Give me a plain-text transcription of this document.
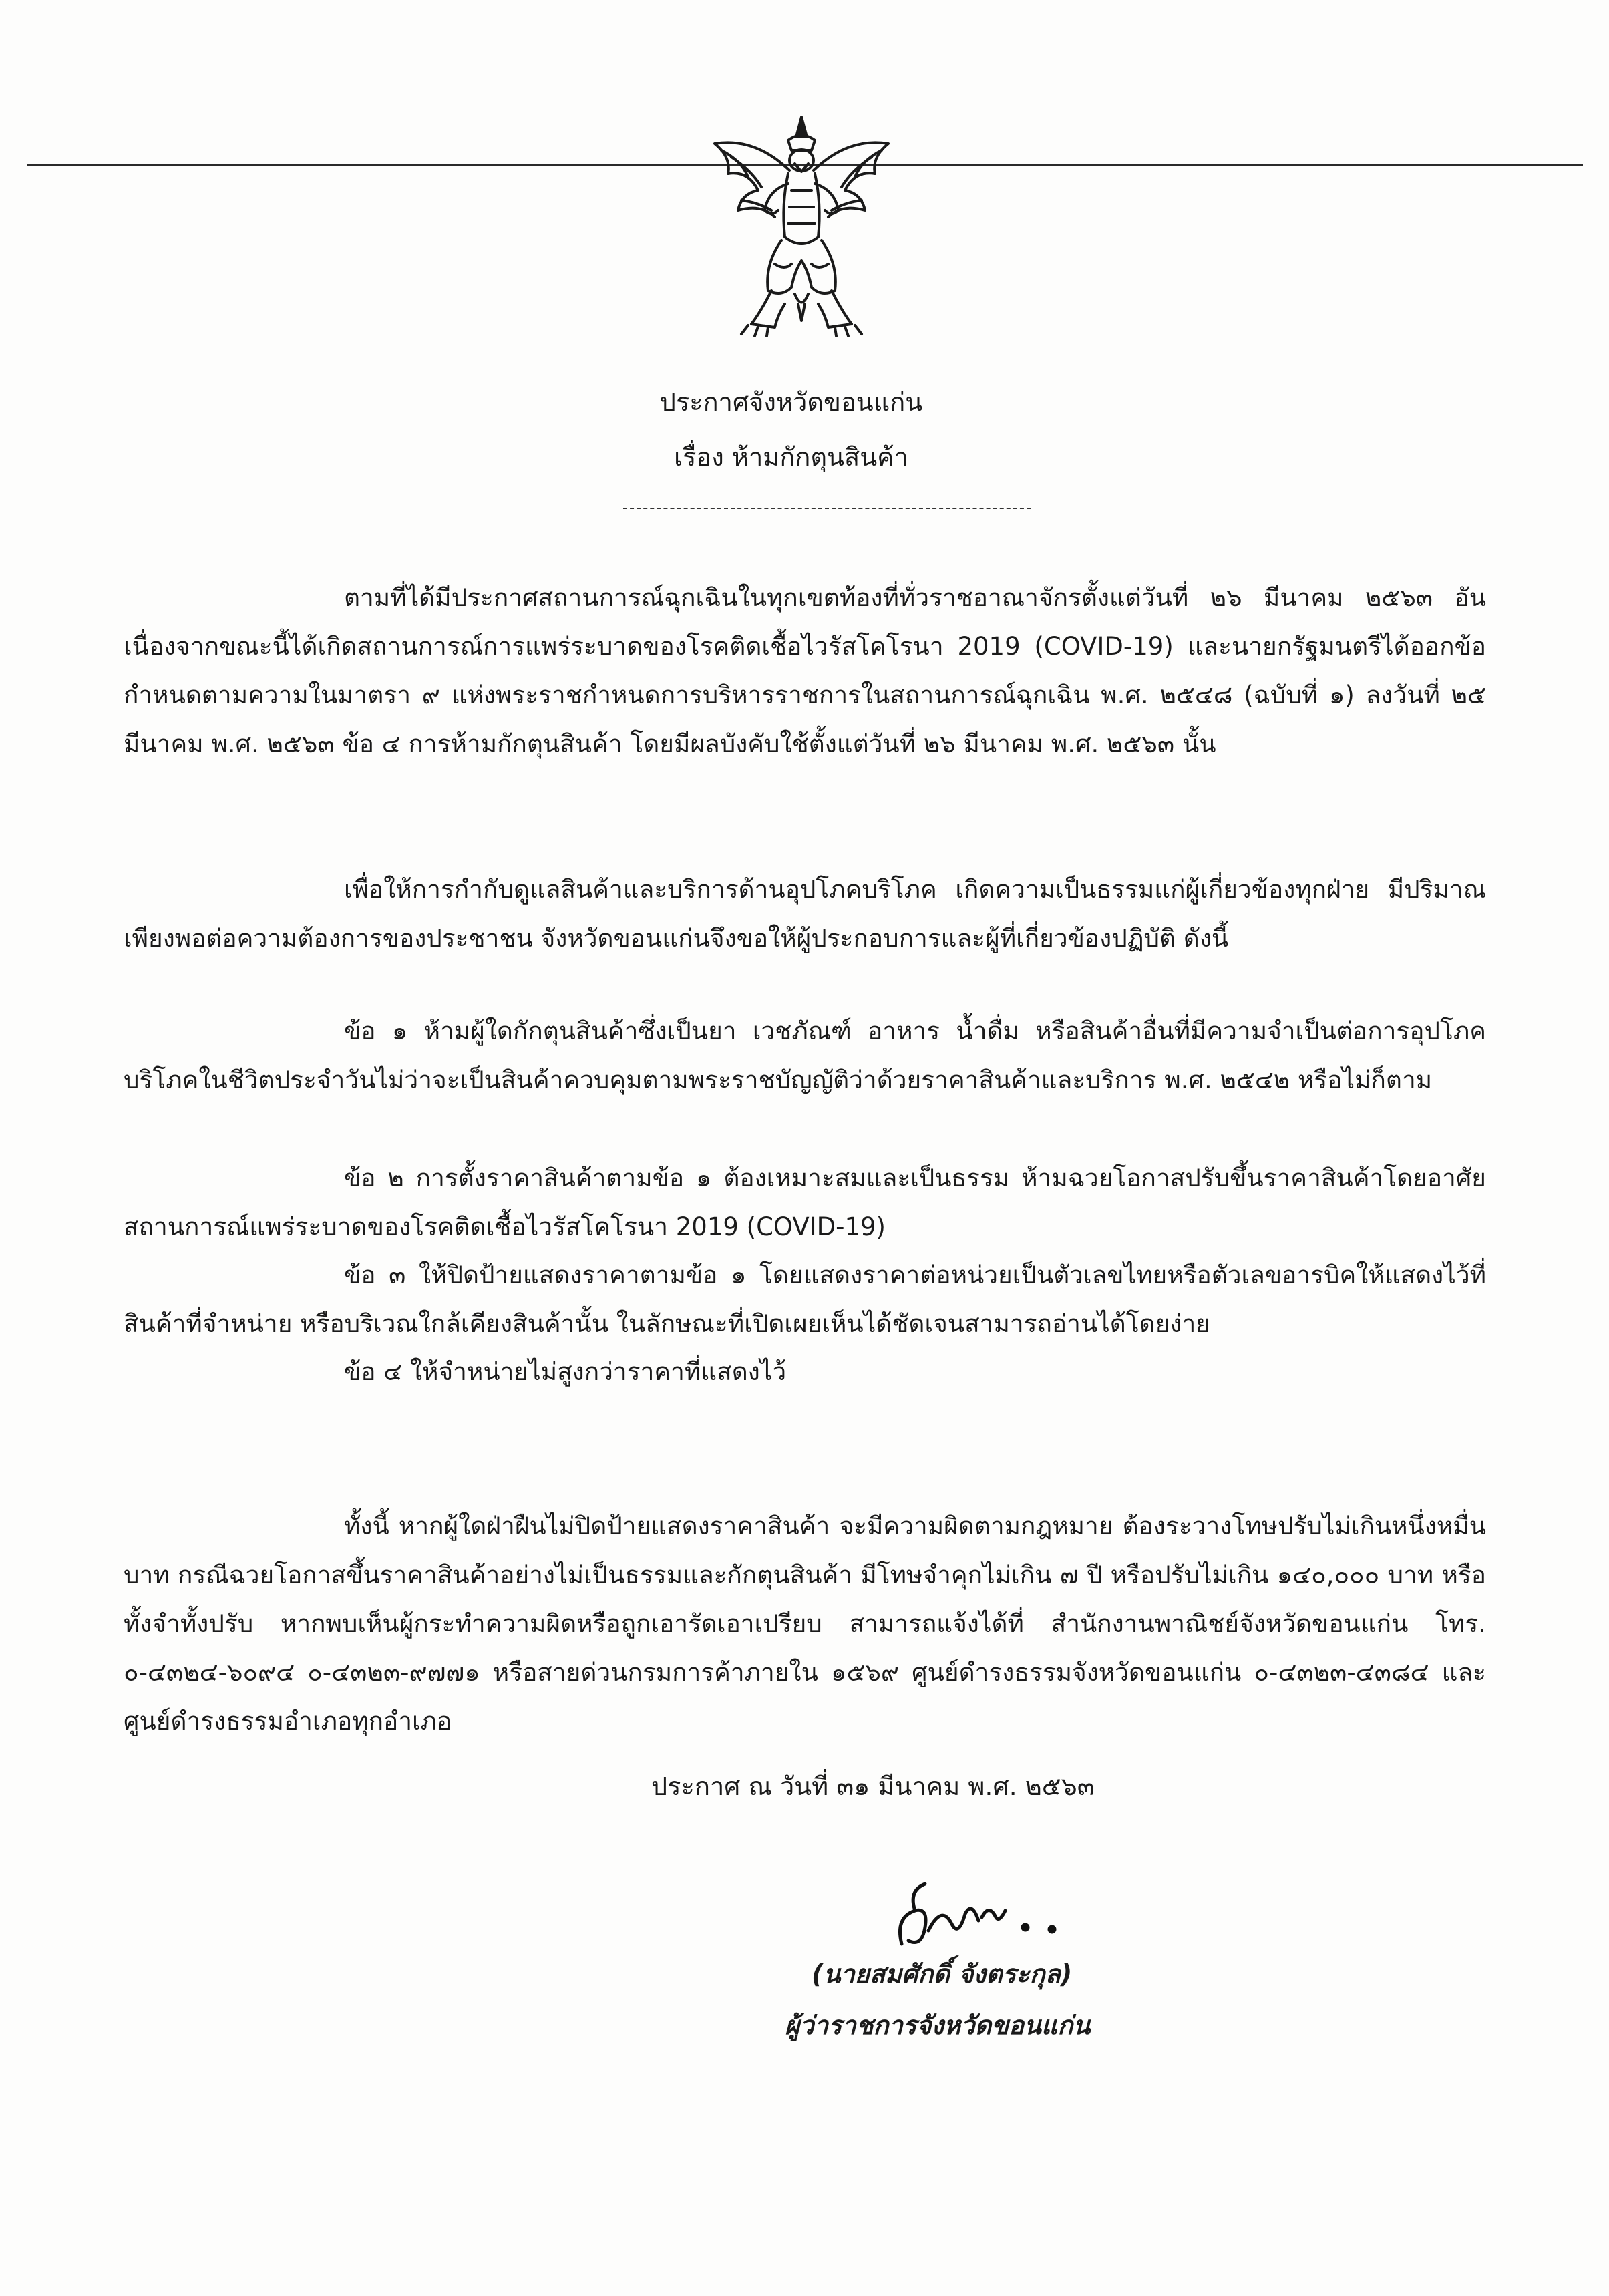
ประกาศจังหวัดขอนแก่น
เรื่อง ห้ามกักตุนสินค้า

ตามที่ได้มีประกาศสถานการณ์ฉุกเฉินในทุกเขตท้องที่ทั่วราชอาณาจักรตั้งแต่วันที่ ๒๖ มีนาคม ๒๕๖๓ อันเนื่องจากขณะนี้ได้เกิดสถานการณ์การแพร่ระบาดของโรคติดเชื้อไวรัสโคโรนา 2019 (COVID-19) และนายกรัฐมนตรีได้ออกข้อกำหนดตามความในมาตรา ๙ แห่งพระราชกำหนดการบริหารราชการในสถานการณ์ฉุกเฉิน พ.ศ. ๒๕๔๘ (ฉบับที่ ๑) ลงวันที่ ๒๕ มีนาคม พ.ศ. ๒๕๖๓ ข้อ ๔ การห้ามกักตุนสินค้า โดยมีผลบังคับใช้ตั้งแต่วันที่ ๒๖ มีนาคม พ.ศ. ๒๕๖๓ นั้น

เพื่อให้การกำกับดูแลสินค้าและบริการด้านอุปโภคบริโภค เกิดความเป็นธรรมแก่ผู้เกี่ยวข้องทุกฝ่าย มีปริมาณเพียงพอต่อความต้องการของประชาชน จังหวัดขอนแก่นจึงขอให้ผู้ประกอบการและผู้ที่เกี่ยวข้องปฏิบัติ ดังนี้

ข้อ ๑ ห้ามผู้ใดกักตุนสินค้าซึ่งเป็นยา เวชภัณฑ์ อาหาร น้ำดื่ม หรือสินค้าอื่นที่มีความจำเป็นต่อการอุปโภคบริโภคในชีวิตประจำวันไม่ว่าจะเป็นสินค้าควบคุมตามพระราชบัญญัติว่าด้วยราคาสินค้าและบริการ พ.ศ. ๒๕๔๒ หรือไม่ก็ตาม

ข้อ ๒ การตั้งราคาสินค้าตามข้อ ๑ ต้องเหมาะสมและเป็นธรรม ห้ามฉวยโอกาสปรับขึ้นราคาสินค้าโดยอาศัยสถานการณ์แพร่ระบาดของโรคติดเชื้อไวรัสโคโรนา 2019 (COVID-19)

ข้อ ๓ ให้ปิดป้ายแสดงราคาตามข้อ ๑ โดยแสดงราคาต่อหน่วยเป็นตัวเลขไทยหรือตัวเลขอารบิคให้แสดงไว้ที่สินค้าที่จำหน่าย หรือบริเวณใกล้เคียงสินค้านั้น ในลักษณะที่เปิดเผยเห็นได้ชัดเจนสามารถอ่านได้โดยง่าย

ข้อ ๔ ให้จำหน่ายไม่สูงกว่าราคาที่แสดงไว้

ทั้งนี้ หากผู้ใดฝ่าฝืนไม่ปิดป้ายแสดงราคาสินค้า จะมีความผิดตามกฎหมาย ต้องระวางโทษปรับไม่เกินหนึ่งหมื่นบาท กรณีฉวยโอกาสขึ้นราคาสินค้าอย่างไม่เป็นธรรมและกักตุนสินค้า มีโทษจำคุกไม่เกิน ๗ ปี หรือปรับไม่เกิน ๑๔๐,๐๐๐ บาท หรือทั้งจำทั้งปรับ หากพบเห็นผู้กระทำความผิดหรือถูกเอารัดเอาเปรียบ สามารถแจ้งได้ที่ สำนักงานพาณิชย์จังหวัดขอนแก่น โทร. ๐-๔๓๒๔-๖๐๙๔ ๐-๔๓๒๓-๙๗๗๑ หรือสายด่วนกรมการค้าภายใน ๑๕๖๙ ศูนย์ดำรงธรรมจังหวัดขอนแก่น ๐-๔๓๒๓-๔๓๘๔ และศูนย์ดำรงธรรมอำเภอทุกอำเภอ

ประกาศ ณ วันที่ ๓๑ มีนาคม พ.ศ. ๒๕๖๓
(นายสมศักดิ์ จังตระกุล)
ผู้ว่าราชการจังหวัดขอนแก่น
